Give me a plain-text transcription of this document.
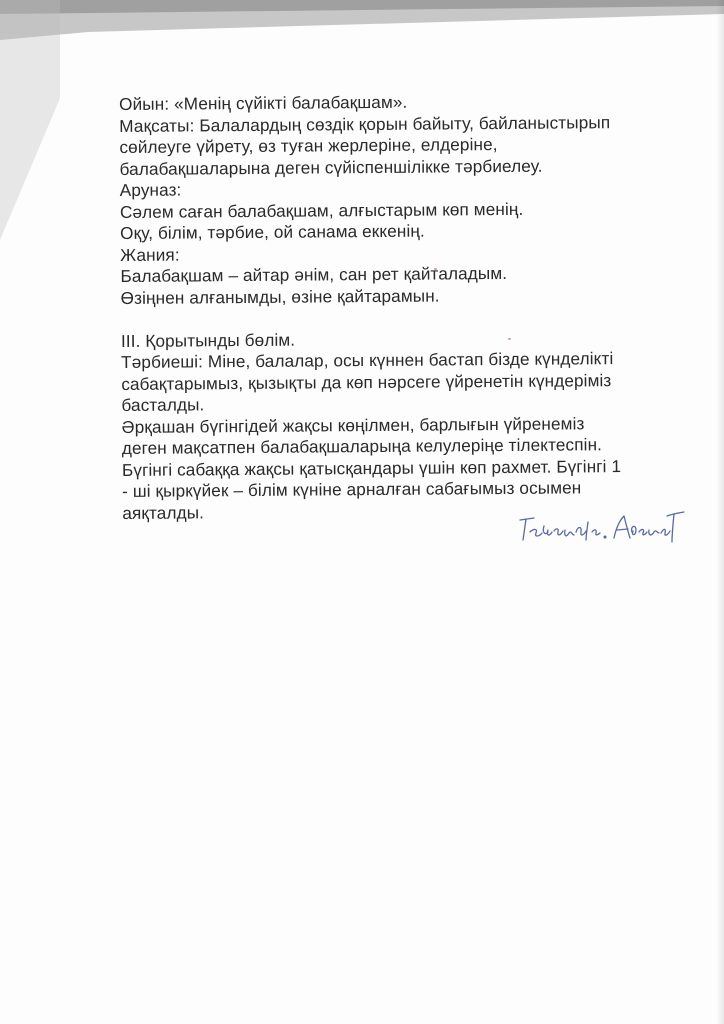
Ойын: «Менің сүйікті балабақшам».
Мақсаты: Балалардың сөздік қорын байыту, байланыстырып
сөйлеуге үйрету, өз туған жерлеріне, елдеріне,
балабақшаларына деген сүйіспеншілікке тәрбиелеу.
Аруназ:
Сәлем саған балабақшам, алғыстарым көп менің.
Оқу, білім, тәрбие, ой санама еккенің.
Жания:
Балабақшам – айтар әнім, сан рет қайталадым.
Өзіңнен алғанымды, өзіне қайтарамын.
ІІІ. Қорытынды бөлім.
Тәрбиеші: Міне, балалар, осы күннен бастап бізде күнделікті
сабақтарымыз, қызықты да көп нәрсеге үйренетін күндеріміз
басталды.
Әрқашан бүгінгідей жақсы көңілмен, барлығын үйренеміз
деген мақсатпен балабақшаларыңа келулеріңе тілектеспін.
Бүгінгі сабаққа жақсы қатысқандары үшін көп рахмет. Бүгінгі 1
- ші қыркүйек – білім күніне арналған сабағымыз осымен
аяқталды.
